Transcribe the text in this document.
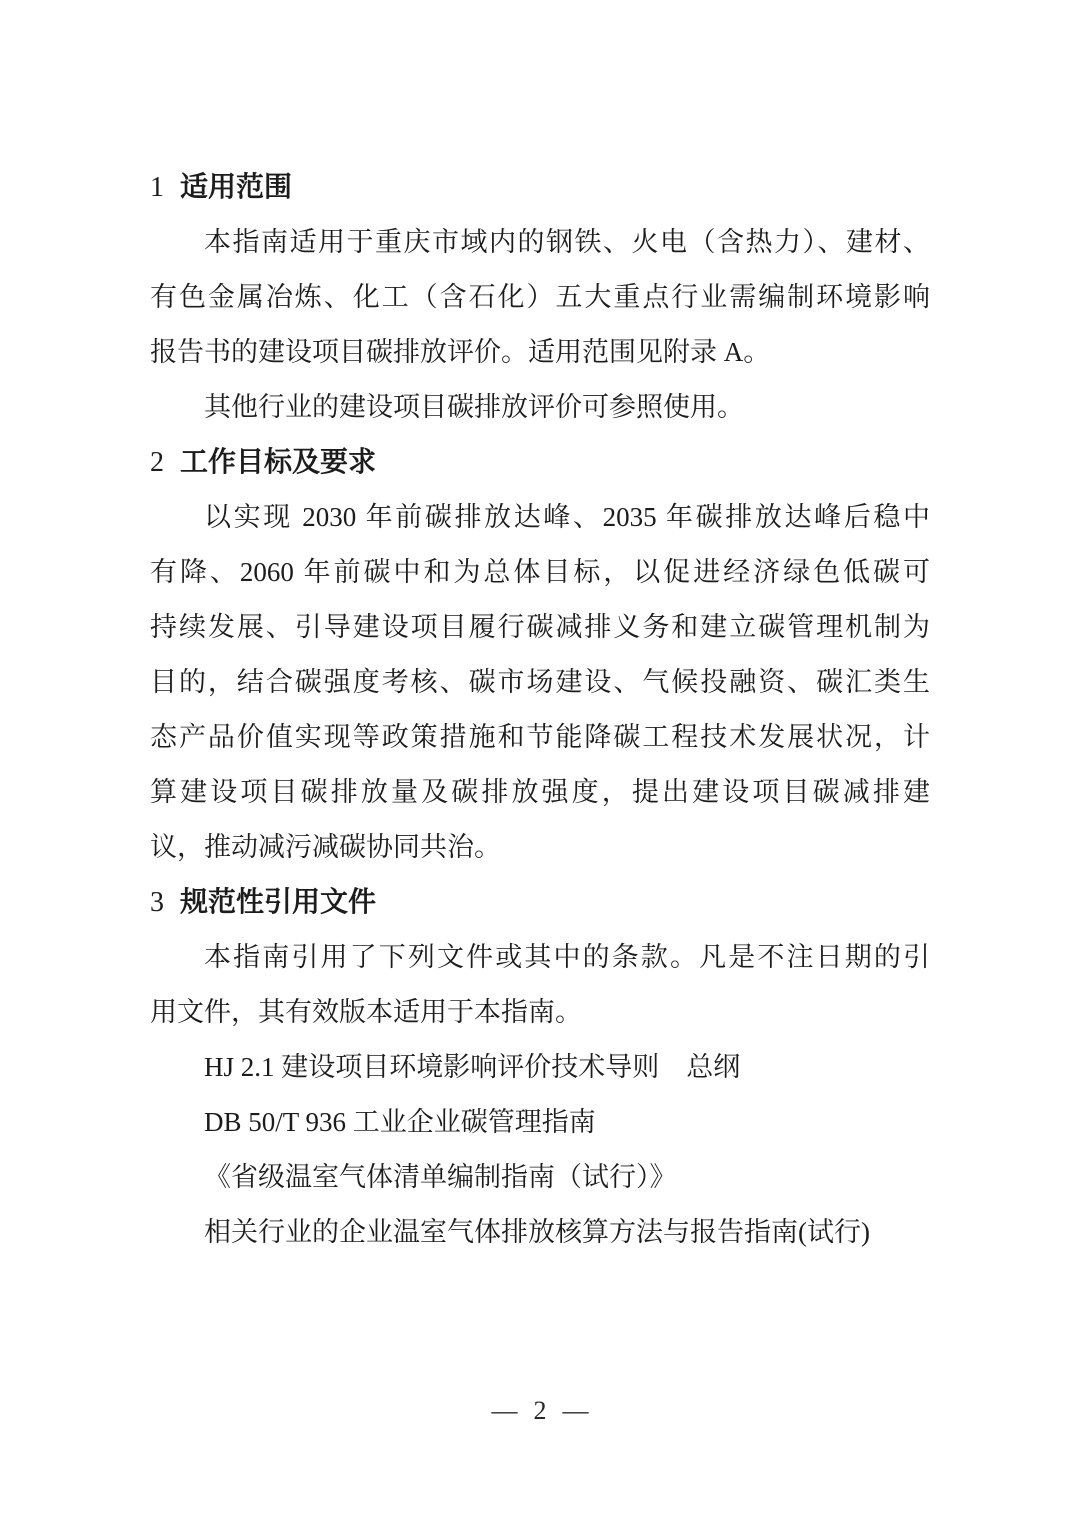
1 适用范围
本指南适用于重庆市域内的钢铁、火电（含热力）、建材、
有色金属冶炼、化工（含石化）五大重点行业需编制环境影响
报告书的建设项目碳排放评价。适用范围见附录 A。
其他行业的建设项目碳排放评价可参照使用。
2 工作目标及要求
以实现 2030 年前碳排放达峰、2035 年碳排放达峰后稳中
有降、2060 年前碳中和为总体目标，以促进经济绿色低碳可
持续发展、引导建设项目履行碳减排义务和建立碳管理机制为
目的，结合碳强度考核、碳市场建设、气候投融资、碳汇类生
态产品价值实现等政策措施和节能降碳工程技术发展状况，计
算建设项目碳排放量及碳排放强度，提出建设项目碳减排建
议，推动减污减碳协同共治。
3 规范性引用文件
本指南引用了下列文件或其中的条款。凡是不注日期的引
用文件，其有效版本适用于本指南。
HJ 2.1 建设项目环境影响评价技术导则　总纲
DB 50/T 936 工业企业碳管理指南
《省级温室气体清单编制指南（试行）》
相关行业的企业温室气体排放核算方法与报告指南(试行)
— 2 —
